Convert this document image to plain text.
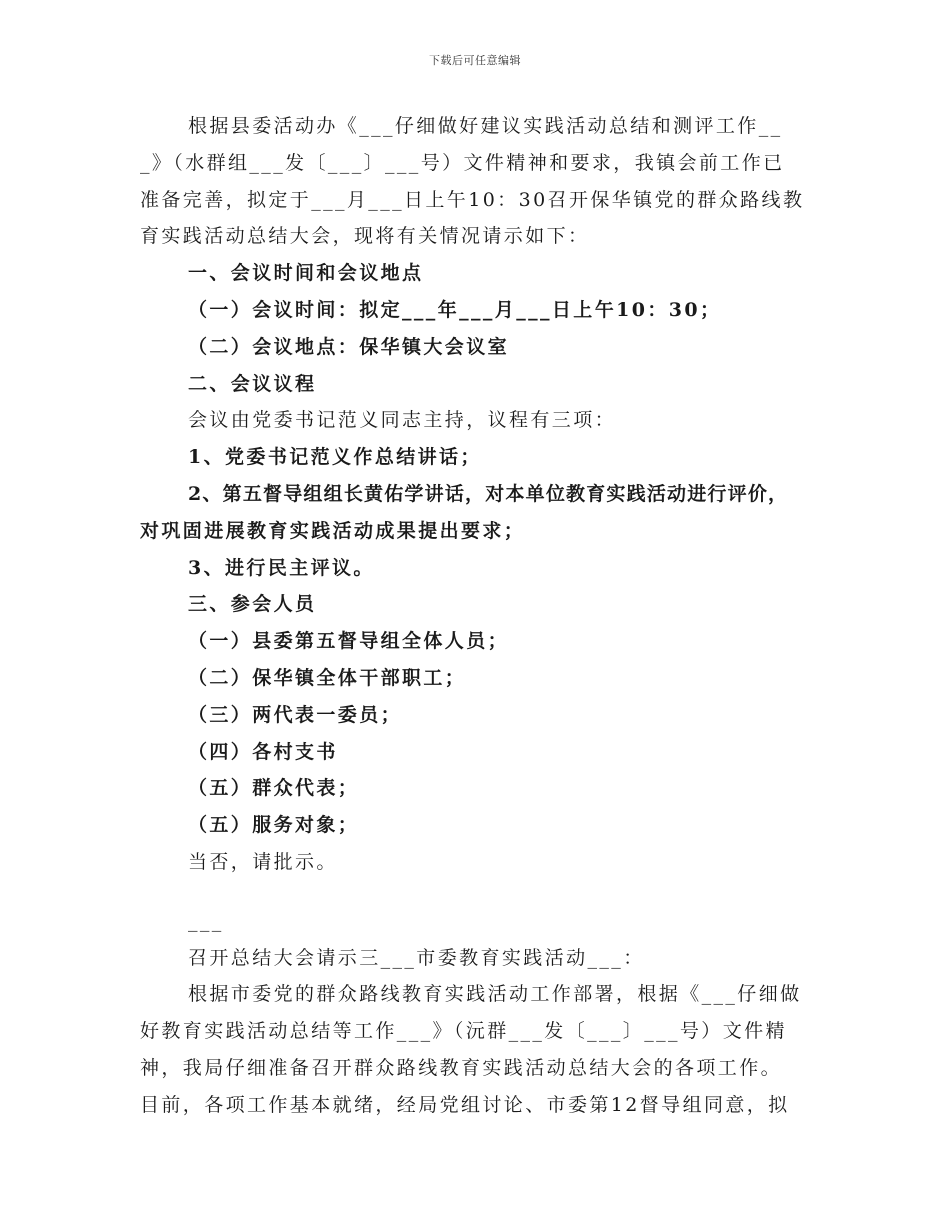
下载后可任意编辑

根据县委活动办《___仔细做好建议实践活动总结和测评工作__

_》（水群组___发〔___〕___号）文件精神和要求，我镇会前工作已

准备完善，拟定于___月___日上午10：30召开保华镇党的群众路线教

育实践活动总结大会，现将有关情况请示如下：

一、会议时间和会议地点

（一）会议时间：拟定___年___月___日上午10：30；

（二）会议地点：保华镇大会议室

二、会议议程

会议由党委书记范义同志主持，议程有三项：

1、党委书记范义作总结讲话；

2、第五督导组组长黄佑学讲话，对本单位教育实践活动进行评价，

对巩固进展教育实践活动成果提出要求；

3、进行民主评议。

三、参会人员

（一）县委第五督导组全体人员；

（二）保华镇全体干部职工；

（三）两代表一委员；

（四）各村支书

（五）群众代表；

（五）服务对象；

当否，请批示。

___

召开总结大会请示三___市委教育实践活动___：

根据市委党的群众路线教育实践活动工作部署，根据《___仔细做

好教育实践活动总结等工作___》（沅群___发〔___〕___号）文件精

神，我局仔细准备召开群众路线教育实践活动总结大会的各项工作。

目前，各项工作基本就绪，经局党组讨论、市委第12督导组同意，拟
